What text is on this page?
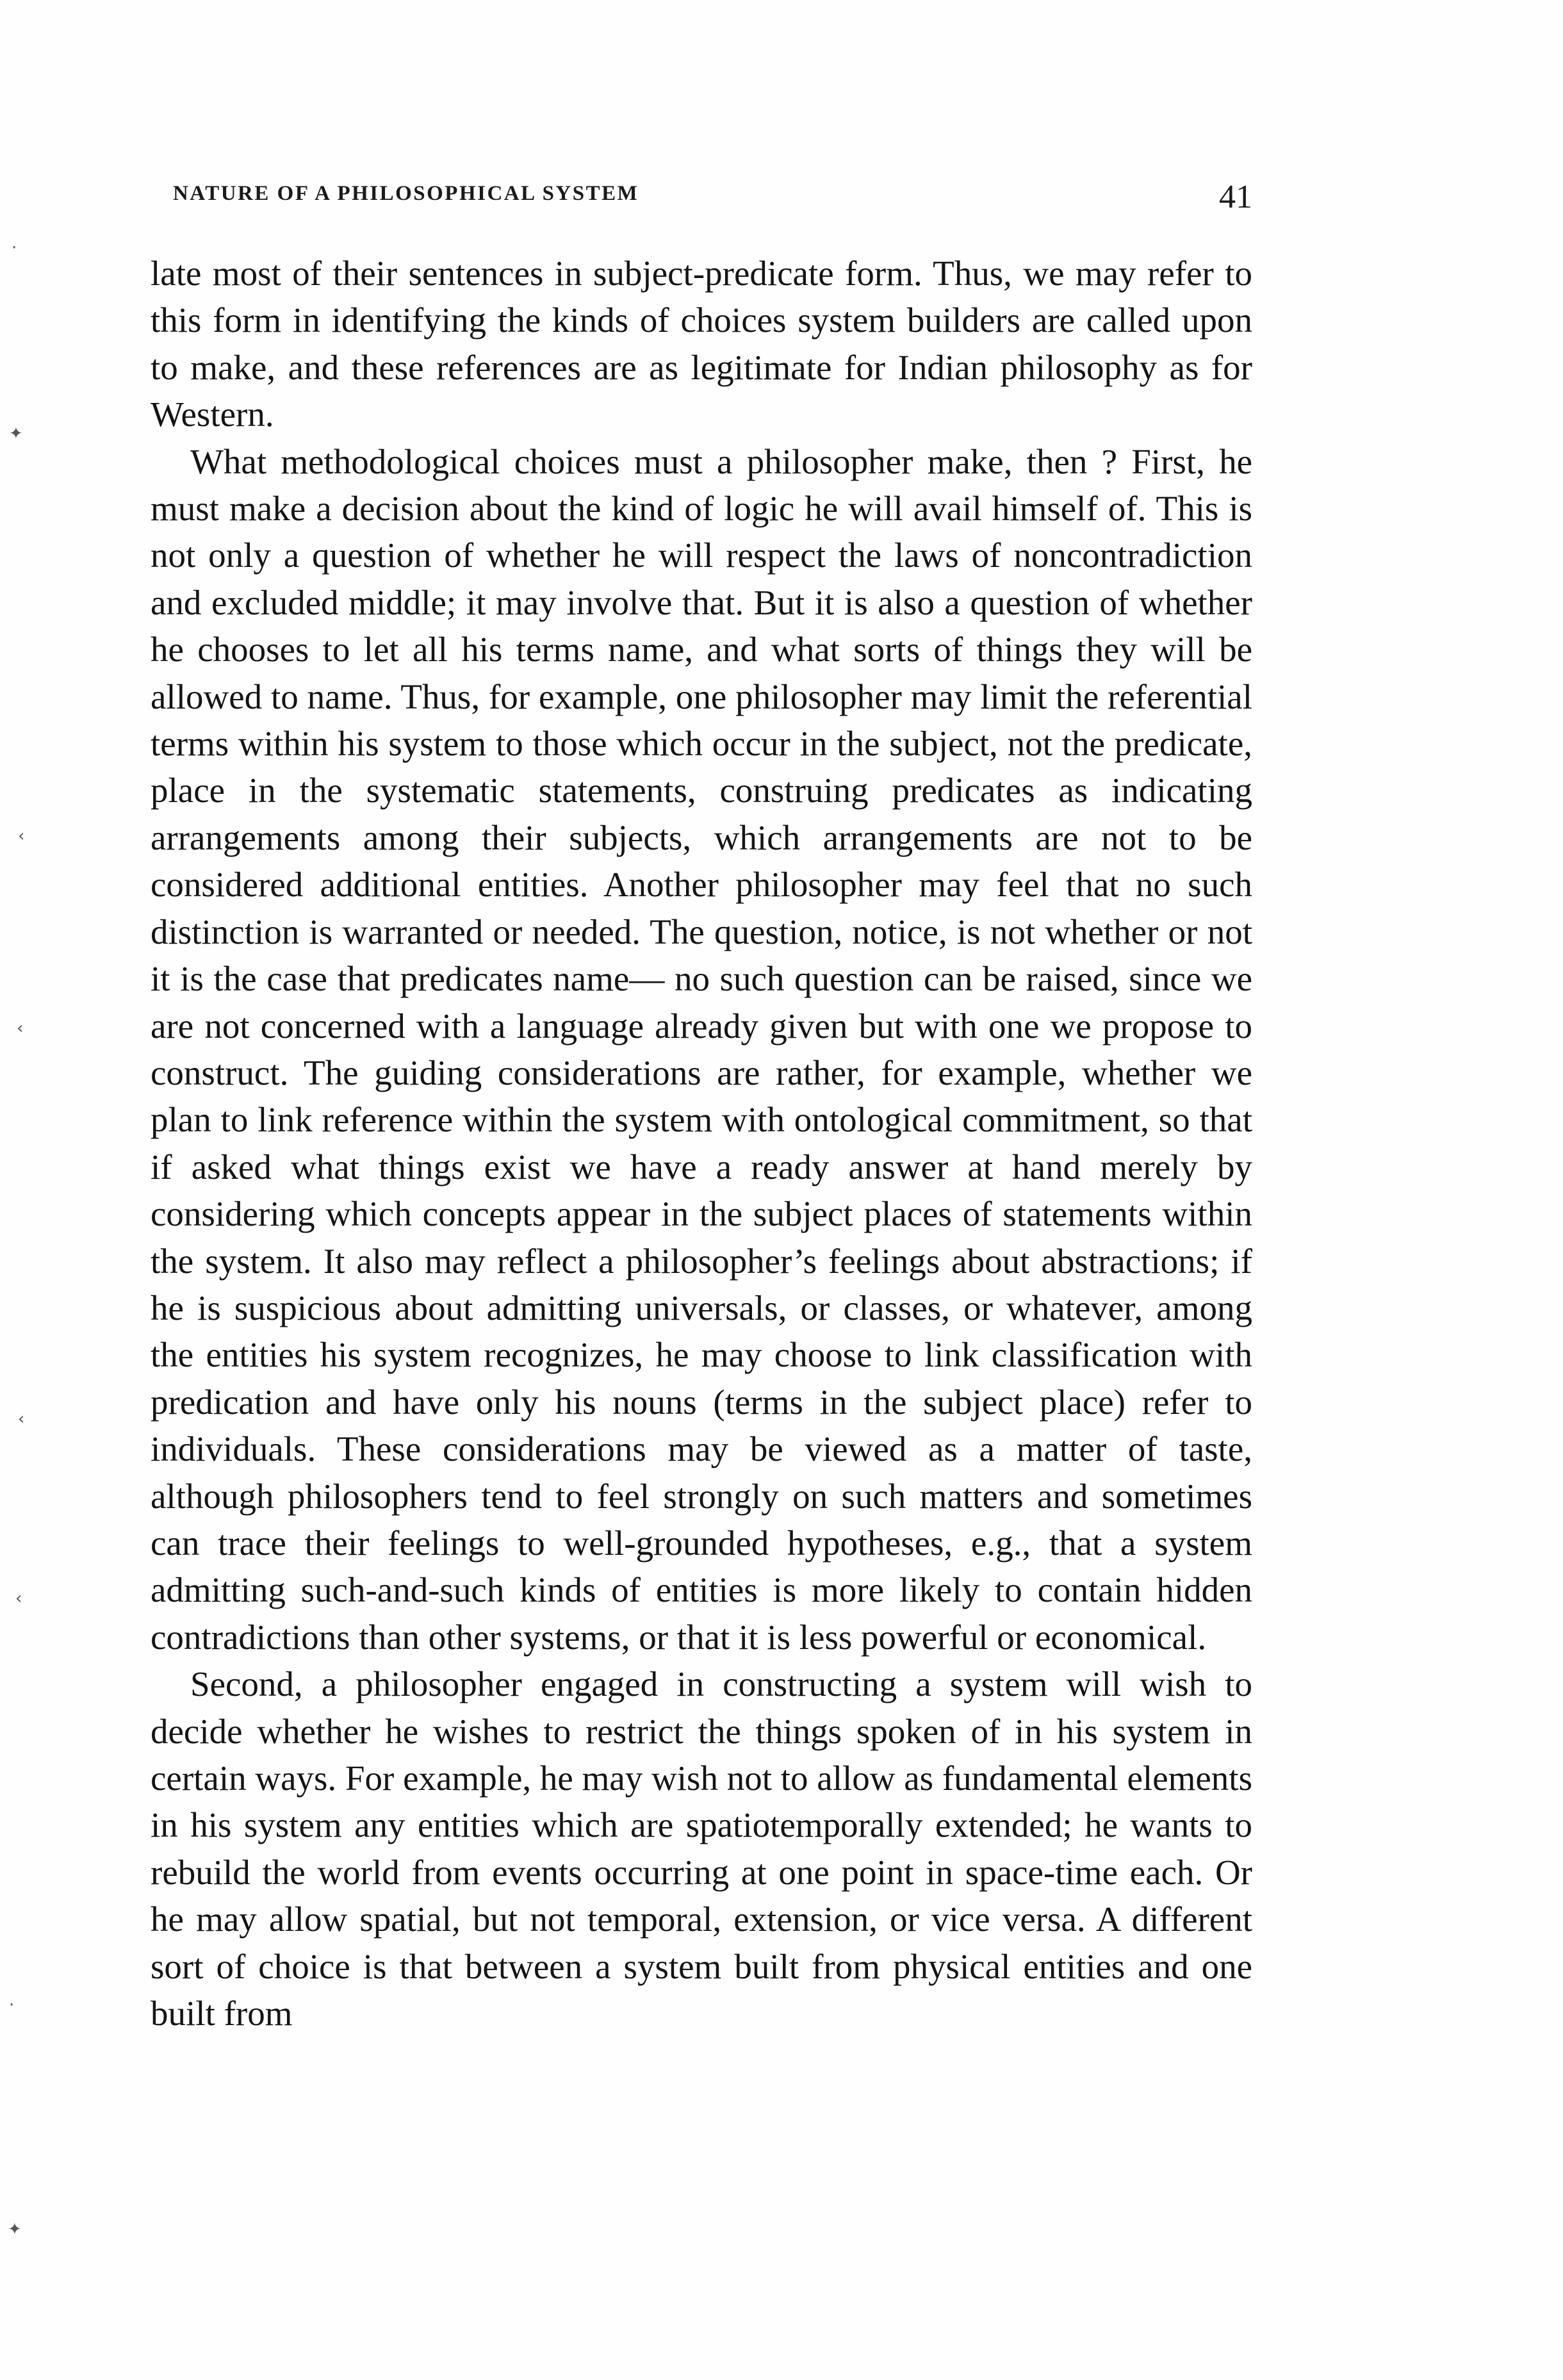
·
✦
‹
‹
‹
‹
·
✦
NATURE OF A PHILOSOPHICAL SYSTEM	41

late most of their sentences in subject-predicate form. Thus, we may refer to this form in identifying the kinds of choices system builders are called upon to make, and these references are as legitimate for Indian philosophy as for Western.

What methodological choices must a philosopher make, then ? First, he must make a decision about the kind of logic he will avail himself of. This is not only a question of whether he will respect the laws of noncontradiction and excluded middle; it may involve that. But it is also a question of whether he chooses to let all his terms name, and what sorts of things they will be allowed to name. Thus, for example, one philosopher may limit the referential terms within his system to those which occur in the subject, not the predicate, place in the systematic statements, construing predicates as indicating arrangements among their subjects, which arrangements are not to be considered additional entities. Another philosopher may feel that no such distinction is warranted or needed. The question, notice, is not whether or not it is the case that predicates name— no such question can be raised, since we are not concerned with a language already given but with one we propose to construct. The guiding considerations are rather, for example, whether we plan to link reference within the system with ontological commitment, so that if asked what things exist we have a ready answer at hand merely by considering which concepts appear in the subject places of statements within the system. It also may reflect a philosopher’s feelings about abstractions; if he is suspicious about admitting universals, or classes, or whatever, among the entities his system recognizes, he may choose to link classification with predication and have only his nouns (terms in the subject place) refer to individuals. These considerations may be viewed as a matter of taste, although philosophers tend to feel strongly on such matters and sometimes can trace their feelings to well-grounded hypotheses, e.g., that a system admitting such-and-such kinds of entities is more likely to contain hidden contradictions than other systems, or that it is less powerful or economical.

Second, a philosopher engaged in constructing a system will wish to decide whether he wishes to restrict the things spoken of in his system in certain ways. For example, he may wish not to allow as fundamental elements in his system any entities which are spatiotemporally extended; he wants to rebuild the world from events occurring at one point in space-time each. Or he may allow spatial, but not temporal, extension, or vice versa. A different sort of choice is that between a system built from physical entities and one built from
